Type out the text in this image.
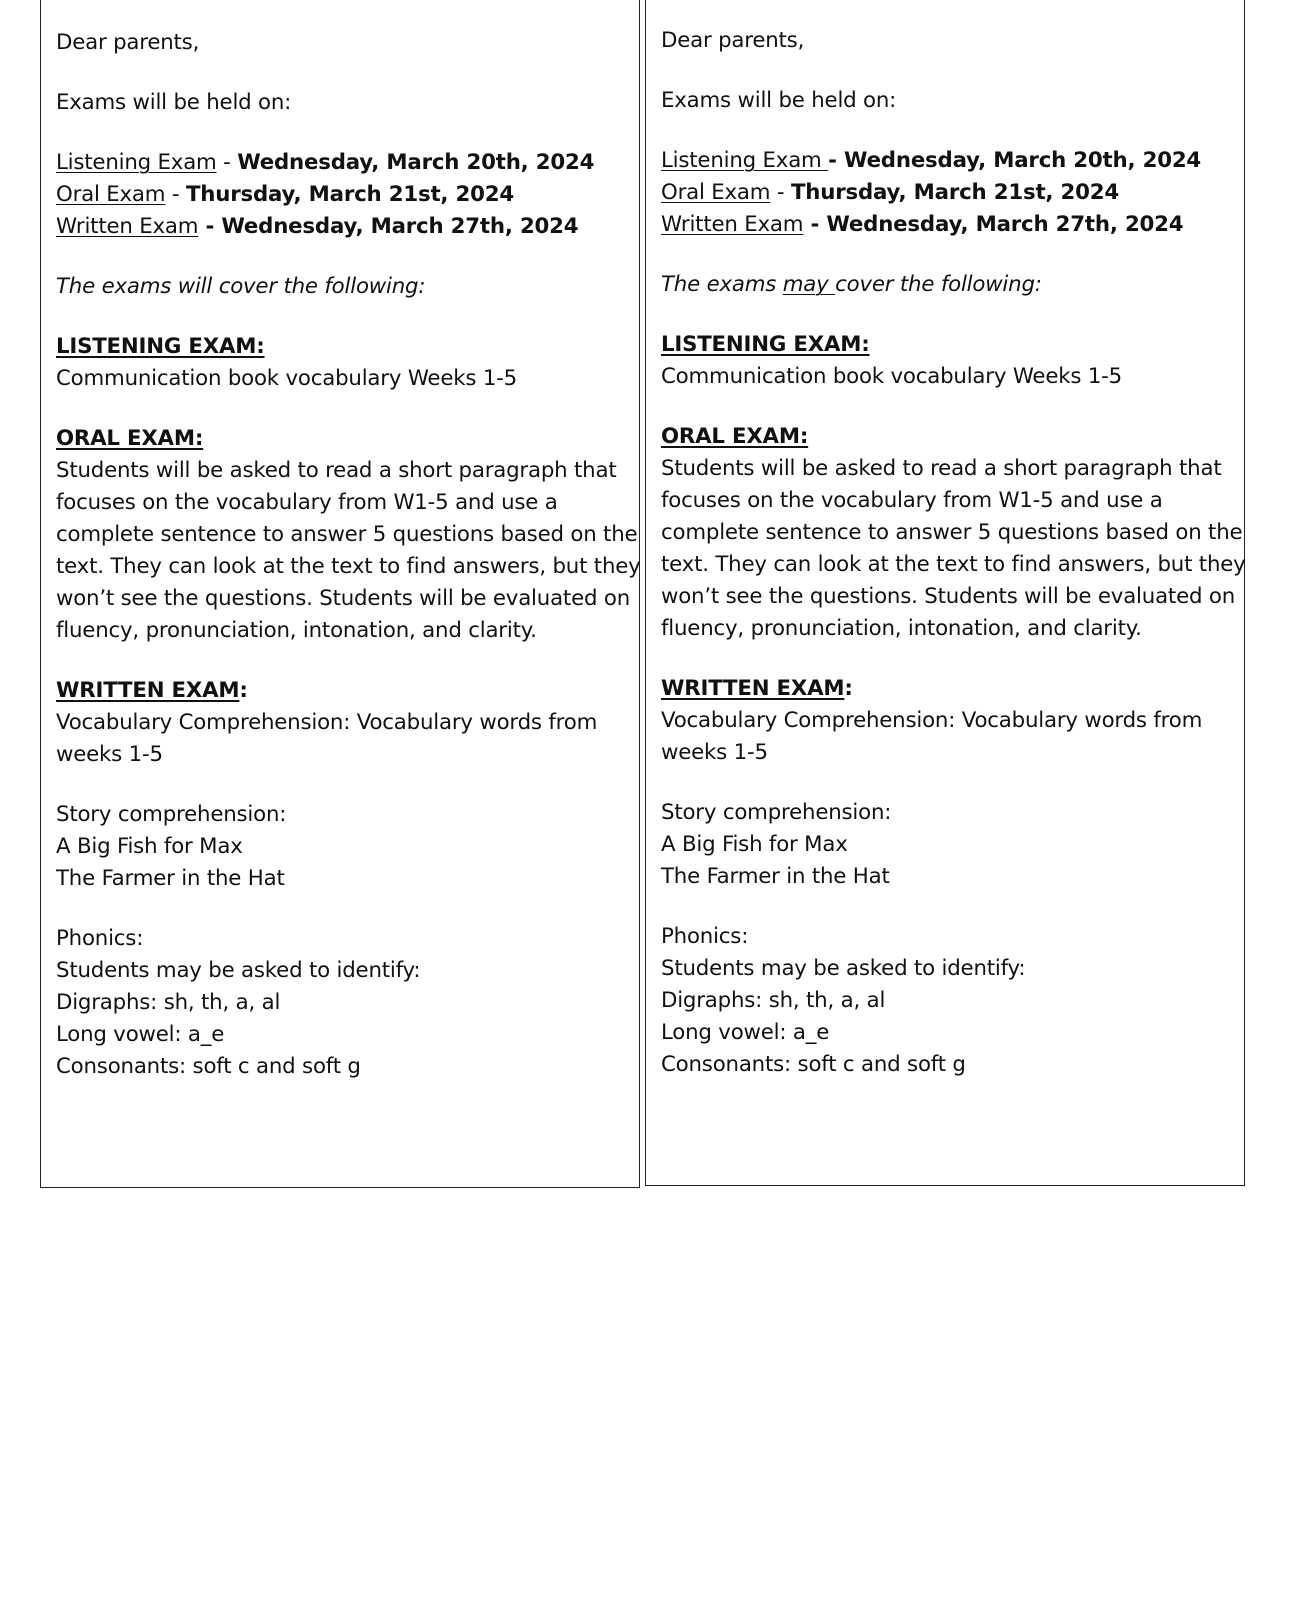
Dear parents,
Exams will be held on:
Listening Exam - Wednesday, March 20th, 2024
Oral Exam - Thursday, March 21st, 2024
Written Exam - Wednesday, March 27th, 2024
The exams will cover the following:
LISTENING EXAM:
Communication book vocabulary Weeks 1-5
ORAL EXAM:
Students will be asked to read a short paragraph that
focuses on the vocabulary from W1-5 and use a
complete sentence to answer 5 questions based on the
text. They can look at the text to find answers, but they
won’t see the questions. Students will be evaluated on
fluency, pronunciation, intonation, and clarity.
WRITTEN EXAM:
Vocabulary Comprehension: Vocabulary words from
weeks 1-5
Story comprehension:
A Big Fish for Max
The Farmer in the Hat
Phonics:
Students may be asked to identify:
Digraphs: sh, th, a, al
Long vowel: a_e
Consonants: soft c and soft g
Dear parents,
Exams will be held on:
Listening Exam - Wednesday, March 20th, 2024
Oral Exam - Thursday, March 21st, 2024
Written Exam - Wednesday, March 27th, 2024
The exams may cover the following:
LISTENING EXAM:
Communication book vocabulary Weeks 1-5
ORAL EXAM:
Students will be asked to read a short paragraph that
focuses on the vocabulary from W1-5 and use a
complete sentence to answer 5 questions based on the
text. They can look at the text to find answers, but they
won’t see the questions. Students will be evaluated on
fluency, pronunciation, intonation, and clarity.
WRITTEN EXAM:
Vocabulary Comprehension: Vocabulary words from
weeks 1-5
Story comprehension:
A Big Fish for Max
The Farmer in the Hat
Phonics:
Students may be asked to identify:
Digraphs: sh, th, a, al
Long vowel: a_e
Consonants: soft c and soft g
